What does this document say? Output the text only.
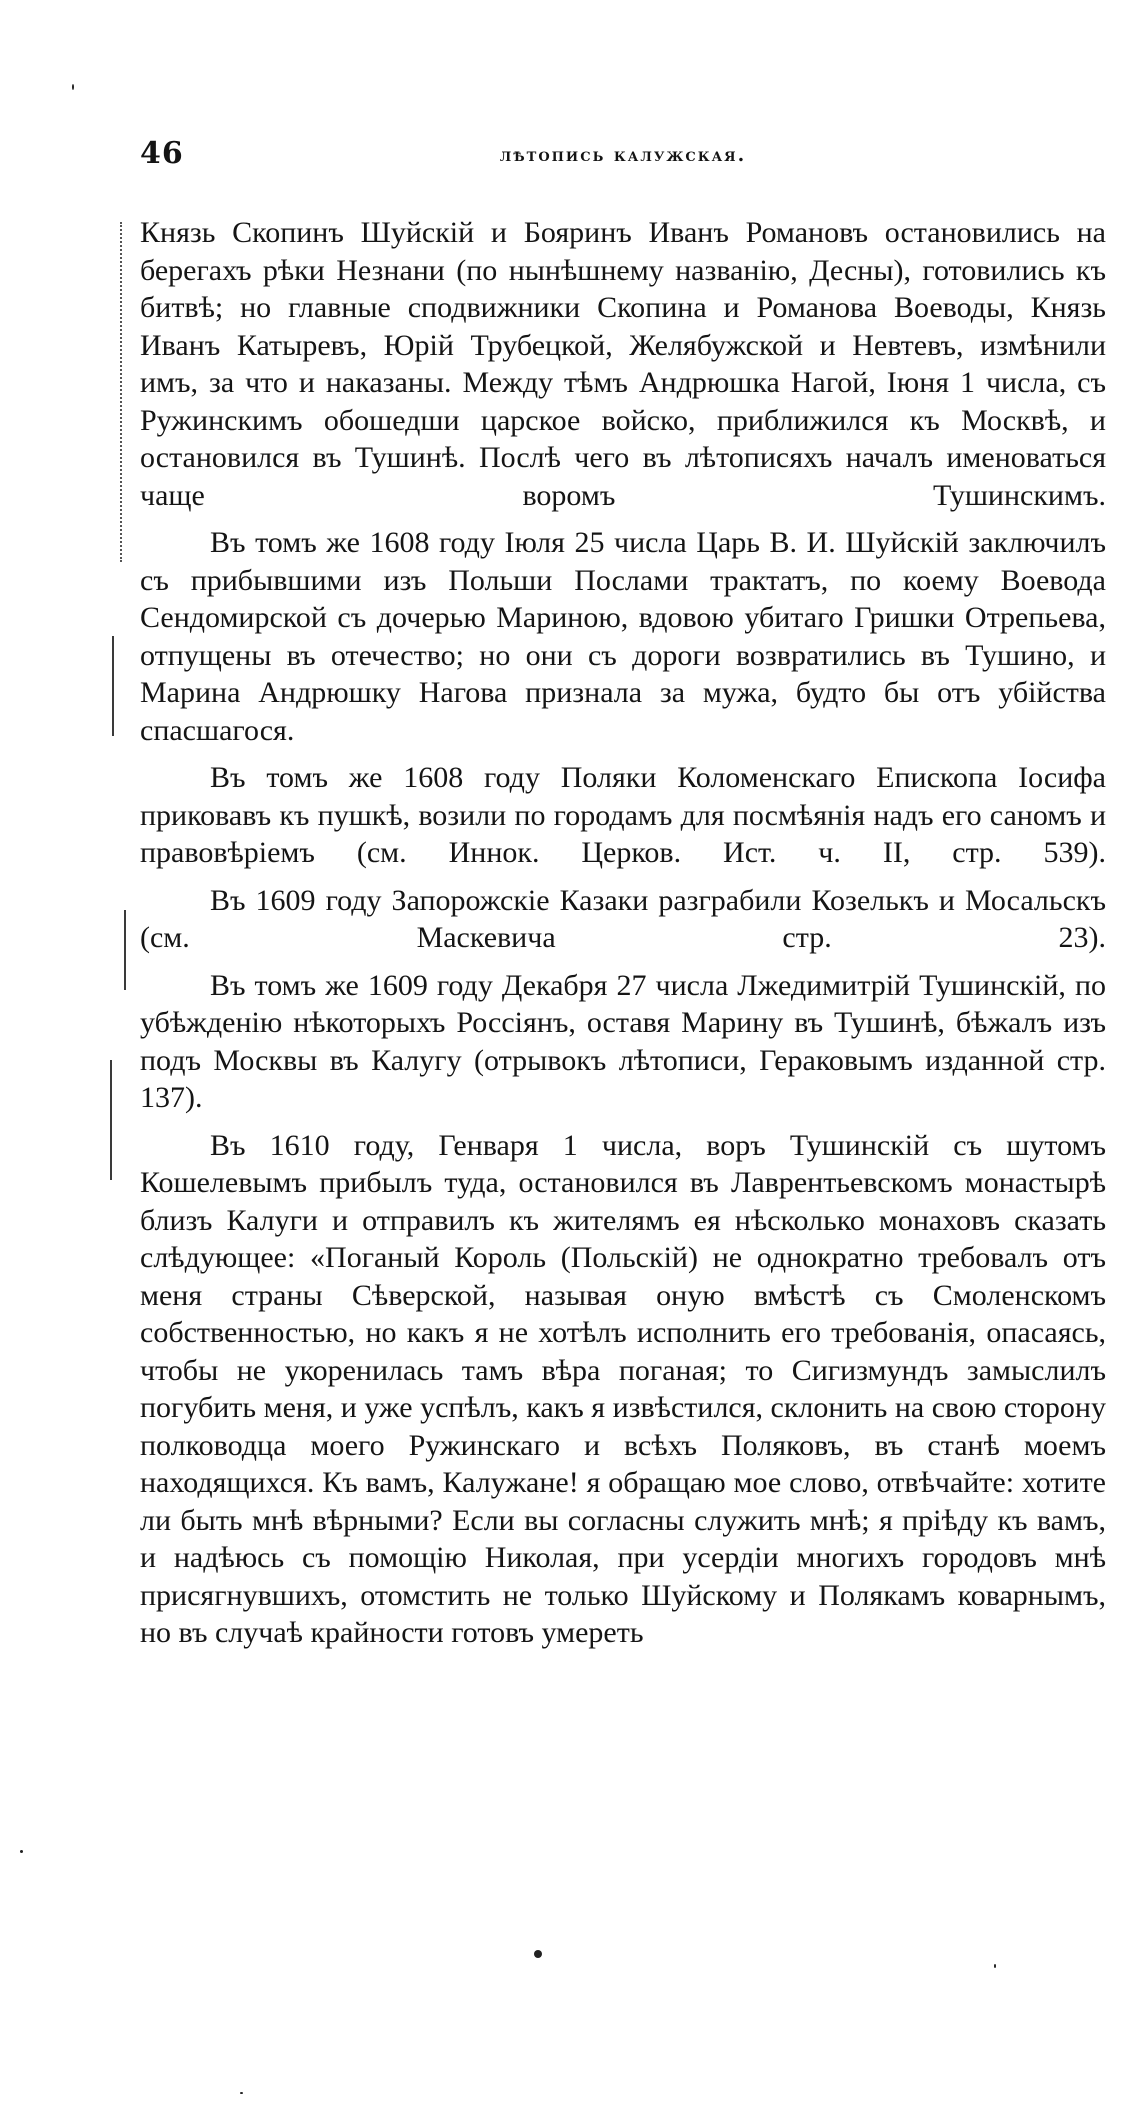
46	лѣтопись калужская.

Князь Скопинъ Шуйскій и Бояринъ Иванъ Романовъ остановились на берегахъ рѣки Незнани (по нынѣшнему названію, Десны), готовились къ битвѣ; но главные сподвижники Скопина и Романова Воеводы, Князь Иванъ Катыревъ, Юрій Трубецкой, Желябужской и Невтевъ, измѣнили имъ, за что и наказаны. Между тѣмъ Андрюшка Нагой, Іюня 1 числа, съ Ружинскимъ обошедши царское войско, приближился къ Москвѣ, и остановился въ Тушинѣ. Послѣ чего въ лѣтописяхъ началъ именоваться чаще воромъ Тушинскимъ.

Въ томъ же 1608 году Іюля 25 числа Царь В. И. Шуйскій заключилъ съ прибывшими изъ Польши Послами трактатъ, по коему Воевода Сендомирской съ дочерью Мариною, вдовою убитаго Гришки Отрепьева, отпущены въ отечество; но они съ дороги возвратились въ Тушино, и Марина Андрюшку Нагова признала за мужа, будто бы отъ убійства спасшагося.

Въ томъ же 1608 году Поляки Коломенскаго Епископа Іосифа приковавъ къ пушкѣ, возили по городамъ для посмѣянія надъ его саномъ и правовѣріемъ (см. Иннок. Церков. Ист. ч. II, стр. 539).

Въ 1609 году Запорожскіе Казаки разграбили Козелькъ и Мосальскъ (см. Маскевича стр. 23).

Въ томъ же 1609 году Декабря 27 числа Лжедимитрій Тушинскій, по убѣжденію нѣкоторыхъ Россіянъ, оставя Марину въ Тушинѣ, бѣжалъ изъ подъ Москвы въ Калугу (отрывокъ лѣтописи, Гераковымъ изданной стр. 137).

Въ 1610 году, Генваря 1 числа, воръ Тушинскій съ шутомъ Кошелевымъ прибылъ туда, остановился въ Лаврентьевскомъ монастырѣ близъ Калуги и отправилъ къ жителямъ ея нѣсколько монаховъ сказать слѣдующее: «Поганый Король (Польскій) не однократно требовалъ отъ меня страны Сѣверской, называя оную вмѣстѣ съ Смоленскомъ собственностью, но какъ я не хотѣлъ исполнить его требованія, опасаясь, чтобы не укоренилась тамъ вѣра поганая; то Сигизмундъ замыслилъ погубить меня, и уже успѣлъ, какъ я извѣстился, склонить на свою сторону полководца моего Ружинскаго и всѣхъ Поляковъ, въ станѣ моемъ находящихся. Къ вамъ, Калужане! я обращаю мое слово, отвѣчайте: хотите ли быть мнѣ вѣрными? Если вы согласны служить мнѣ; я пріѣду къ вамъ, и надѣюсь съ помощію Николая, при усердіи многихъ городовъ мнѣ присягнувшихъ, отомстить не только Шуйскому и Полякамъ коварнымъ, но въ случаѣ крайности готовъ умереть
